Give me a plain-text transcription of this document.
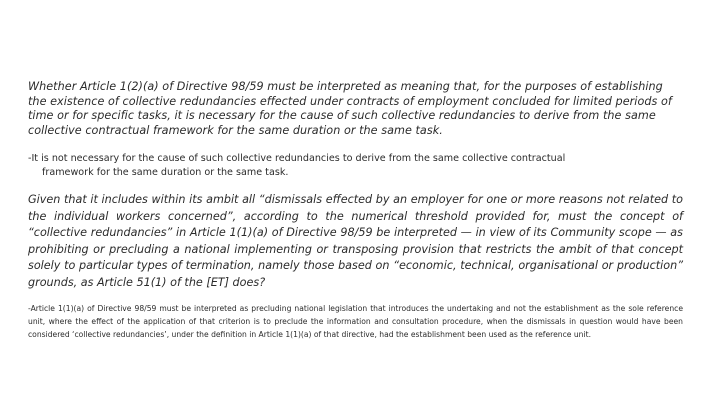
Whether Article 1(2)(a) of Directive 98/59 must be interpreted as meaning that, for the purposes of establishing the existence of collective redundancies effected under contracts of employment concluded for limited periods of time or for specific tasks, it is necessary for the cause of such collective redundancies to derive from the same collective contractual framework for the same duration or the same task.

-It is not necessary for the cause of such collective redundancies to derive from the same collective contractual
framework for the same duration or the same task.

Given that it includes within its ambit all “dismissals effected by an employer for one or more reasons not related to the individual workers concerned”, according to the numerical threshold provided for, must the concept of “collective redundancies” in Article 1(1)(a) of Directive 98/59 be interpreted — in view of its Community scope — as prohibiting or precluding a national implementing or transposing provision that restricts the ambit of that concept solely to particular types of termination, namely those based on “economic, technical, organisational or production” grounds, as Article 51(1) of the [ET] does?

-Article 1(1)(a) of Directive 98/59 must be interpreted as precluding national legislation that introduces the undertaking and not the establishment as the sole reference unit, where the effect of the application of that criterion is to preclude the information and consultation procedure, when the dismissals in question would have been considered ‘collective redundancies’, under the definition in Article 1(1)(a) of that directive, had the establishment been used as the reference unit.
